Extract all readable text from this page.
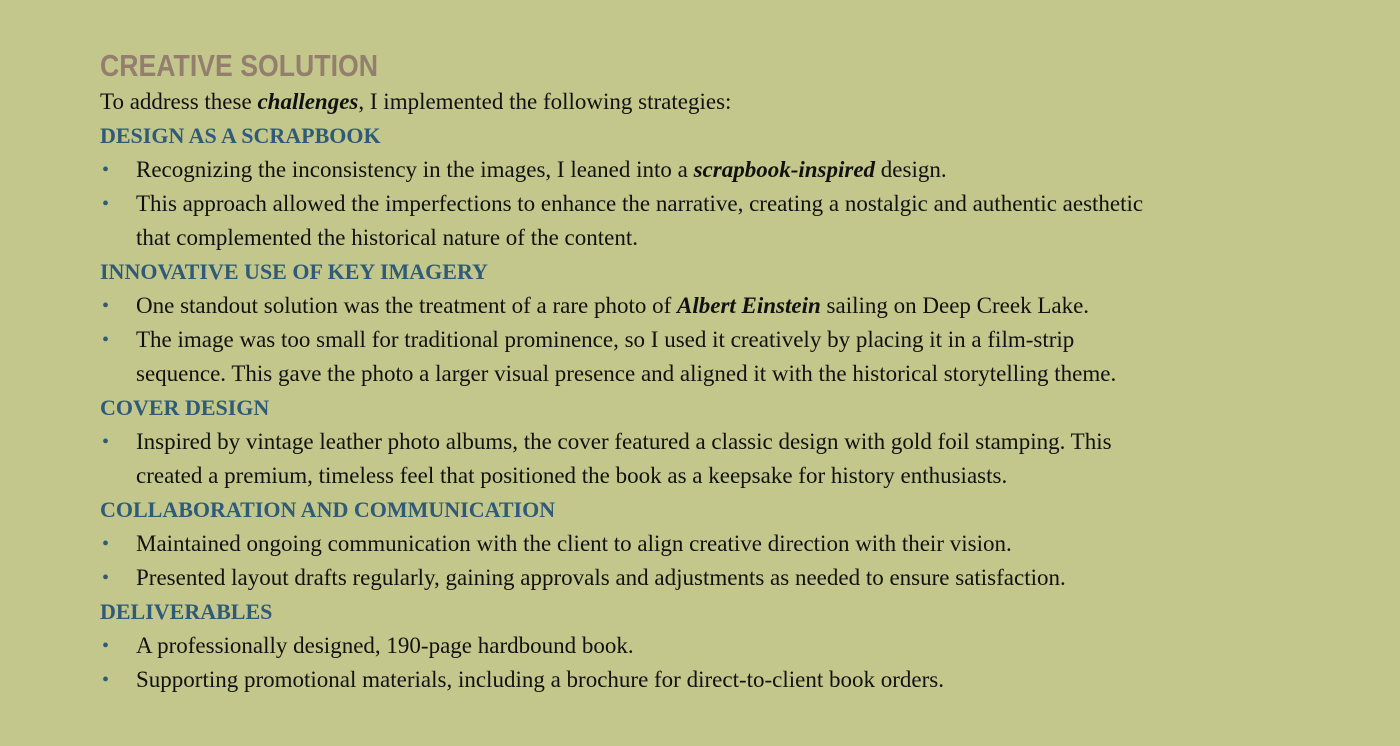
CREATIVE SOLUTION
To address these challenges, I implemented the following strategies:
DESIGN AS A SCRAPBOOK
• Recognizing the inconsistency in the images, I leaned into a scrapbook-inspired design.
• This approach allowed the imperfections to enhance the narrative, creating a nostalgic and authentic aesthetic
that complemented the historical nature of the content.
INNOVATIVE USE OF KEY IMAGERY
• One standout solution was the treatment of a rare photo of Albert Einstein sailing on Deep Creek Lake.
• The image was too small for traditional prominence, so I used it creatively by placing it in a film-strip
sequence. This gave the photo a larger visual presence and aligned it with the historical storytelling theme.
COVER DESIGN
• Inspired by vintage leather photo albums, the cover featured a classic design with gold foil stamping. This
created a premium, timeless feel that positioned the book as a keepsake for history enthusiasts.
COLLABORATION AND COMMUNICATION
• Maintained ongoing communication with the client to align creative direction with their vision.
• Presented layout drafts regularly, gaining approvals and adjustments as needed to ensure satisfaction.
DELIVERABLES
• A professionally designed, 190-page hardbound book.
• Supporting promotional materials, including a brochure for direct-to-client book orders.
